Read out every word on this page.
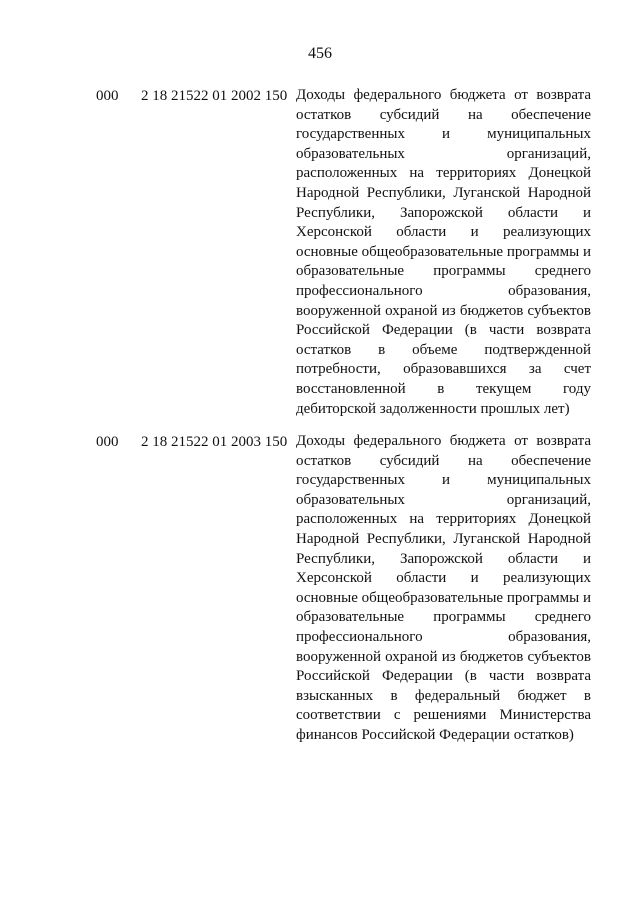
456
000 2 18 21522 01 2002 150 Доходы федерального бюджета от возврата остатков субсидий на обеспечение государственных и муниципальных образовательных организаций, расположенных на территориях Донецкой Народной Республики, Луганской Народной Республики, Запорожской области и Херсонской области и реализующих основные общеобразовательные программы и образовательные программы среднего профессионального образования, вооруженной охраной из бюджетов субъектов Российской Федерации (в части возврата остатков в объеме подтвержденной потребности, образовавшихся за счет восстановленной в текущем году дебиторской задолженности прошлых лет)
000 2 18 21522 01 2003 150 Доходы федерального бюджета от возврата остатков субсидий на обеспечение государственных и муниципальных образовательных организаций, расположенных на территориях Донецкой Народной Республики, Луганской Народной Республики, Запорожской области и Херсонской области и реализующих основные общеобразовательные программы и образовательные программы среднего профессионального образования, вооруженной охраной из бюджетов субъектов Российской Федерации (в части возврата взысканных в федеральный бюджет в соответствии с решениями Министерства финансов Российской Федерации остатков)
